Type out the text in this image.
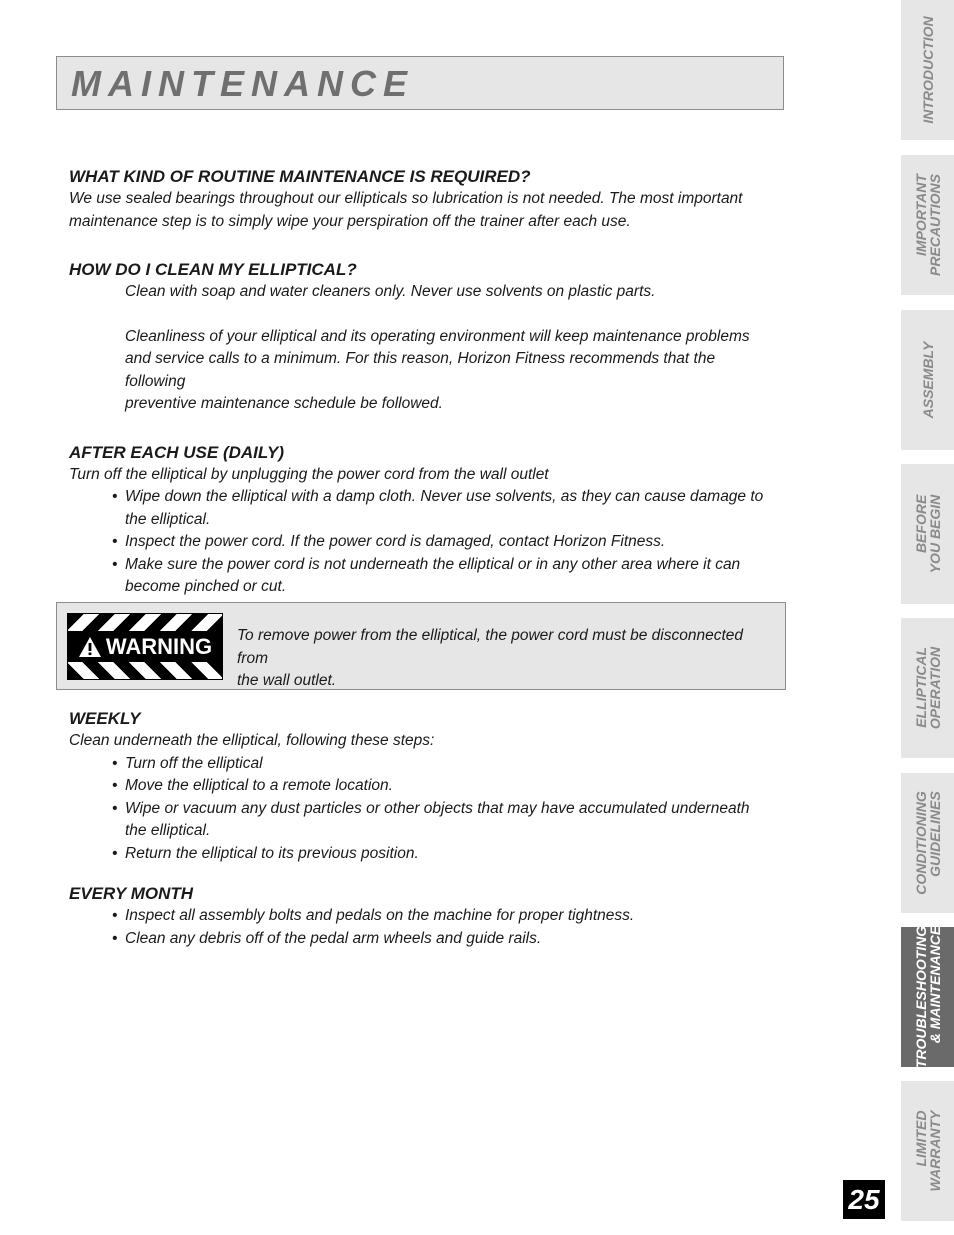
MAINTENANCE

WHAT KIND OF ROUTINE MAINTENANCE IS REQUIRED?

We use sealed bearings throughout our ellipticals so lubrication is not needed. The most important

maintenance step is to simply wipe your perspiration off the trainer after each use.

HOW DO I CLEAN MY ELLIPTICAL?

Clean with soap and water cleaners only. Never use solvents on plastic parts.

Cleanliness of your elliptical and its operating environment will keep maintenance problems

and service calls to a minimum. For this reason, Horizon Fitness recommends that the following

preventive maintenance schedule be followed.

AFTER EACH USE (DAILY)

Turn off the elliptical by unplugging the power cord from the wall outlet

• Wipe down the elliptical with a damp cloth. Never use solvents, as they can cause damage to the elliptical.
• Inspect the power cord. If the power cord is damaged, contact Horizon Fitness.
• Make sure the power cord is not underneath the elliptical or in any other area where it can become pinched or cut.
WARNING To remove power from the elliptical, the power cord must be disconnected from

the wall outlet.

WEEKLY

Clean underneath the elliptical, following these steps:

• Turn off the elliptical
• Move the elliptical to a remote location.
• Wipe or vacuum any dust particles or other objects that may have accumulated underneath the elliptical.
• Return the elliptical to its previous position.

EVERY MONTH

• Inspect all assembly bolts and pedals on the machine for proper tightness.
• Clean any debris off of the pedal arm wheels and guide rails.
INTRODUCTION
IMPORTANT
PRECAUTIONS
ASSEMBLY
BEFORE
YOU BEGIN
ELLIPTICAL
OPERATION
CONDITIONING
GUIDELINES
TROUBLESHOOTING
& MAINTENANCE
LIMITED
WARRANTY
25
